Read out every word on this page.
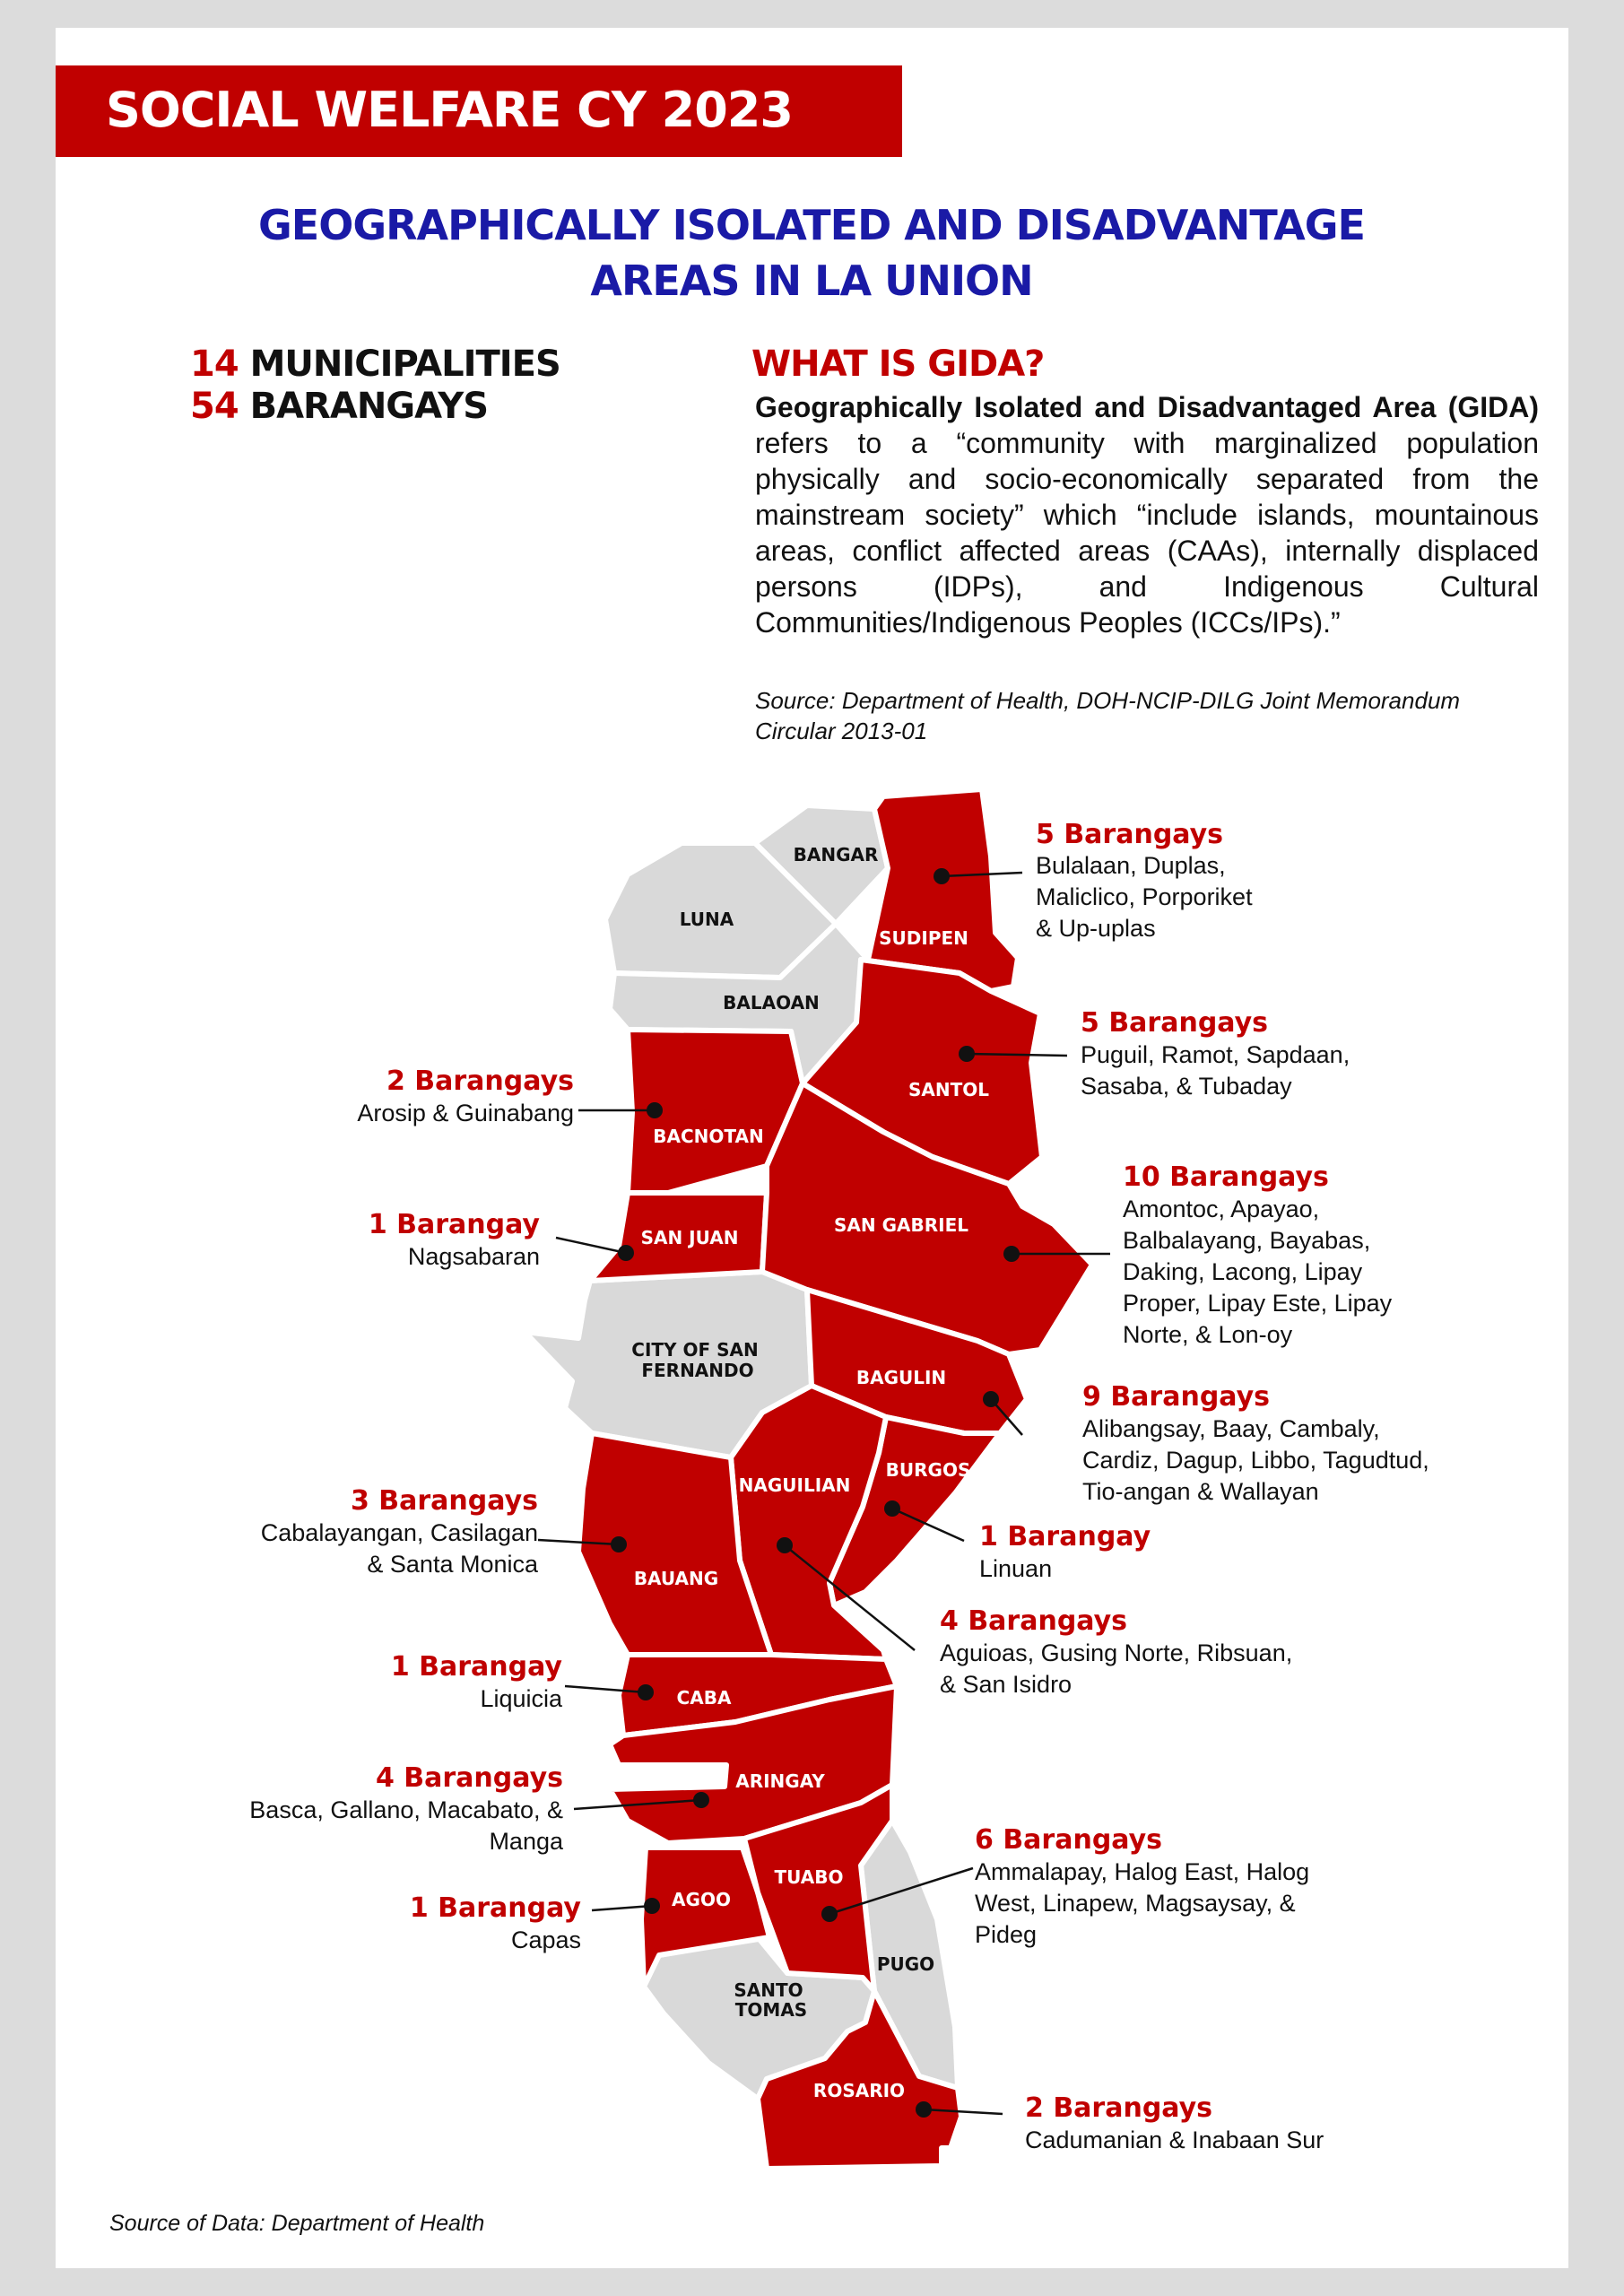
SOCIAL WELFARE CY 2023
GEOGRAPHICALLY ISOLATED AND DISADVANTAGE
AREAS IN LA UNION
14 MUNICIPALITIES
54 BARANGAYS
WHAT IS GIDA?
Geographically Isolated and Disadvantaged Area (GIDA) refers to a “community with marginalized population physically and socio-economically separated from the mainstream society” which “include islands, mountainous areas, conflict affected areas (CAAs), internally displaced persons (IDPs), and Indigenous Cultural Communities/Indigenous Peoples (ICCs/IPs).”
Source: Department of Health, DOH-NCIP-DILG Joint Memorandum Circular 2013-01
BANGAR
LUNA
BALAOAN
CITY OF SAN
FERNANDO
PUGO
SANTO
TOMAS
SUDIPEN
SANTOL
BACNOTAN
SAN JUAN
SAN GABRIEL
BAGULIN
BURGOS
NAGUILIAN
BAUANG
CABA
ARINGAY
TUABO
AGOO
ROSARIO
5 Barangays
Bulalaan, Duplas,
Maliclico, Porporiket
& Up-uplas
5 Barangays
Puguil, Ramot, Sapdaan,
Sasaba, & Tubaday
2 Barangays
Arosip & Guinabang
1 Barangay
Nagsabaran
10 Barangays
Amontoc, Apayao,
Balbalayang, Bayabas,
Daking, Lacong, Lipay
Proper, Lipay Este, Lipay
Norte, & Lon-oy
9 Barangays
Alibangsay, Baay, Cambaly,
Cardiz, Dagup, Libbo, Tagudtud,
Tio-angan & Wallayan
1 Barangay
Linuan
4 Barangays
Aguioas, Gusing Norte, Ribsuan,
& San Isidro
3 Barangays
Cabalayangan, Casilagan
& Santa Monica
1 Barangay
Liquicia
4 Barangays
Basca, Gallano, Macabato, &
Manga	6 Barangays
Ammalapay, Halog East, Halog
West, Linapew, Magsaysay, &
Pideg
1 Barangay
Capas
2 Barangays
Cadumanian & Inabaan Sur
Source of Data: Department of Health
